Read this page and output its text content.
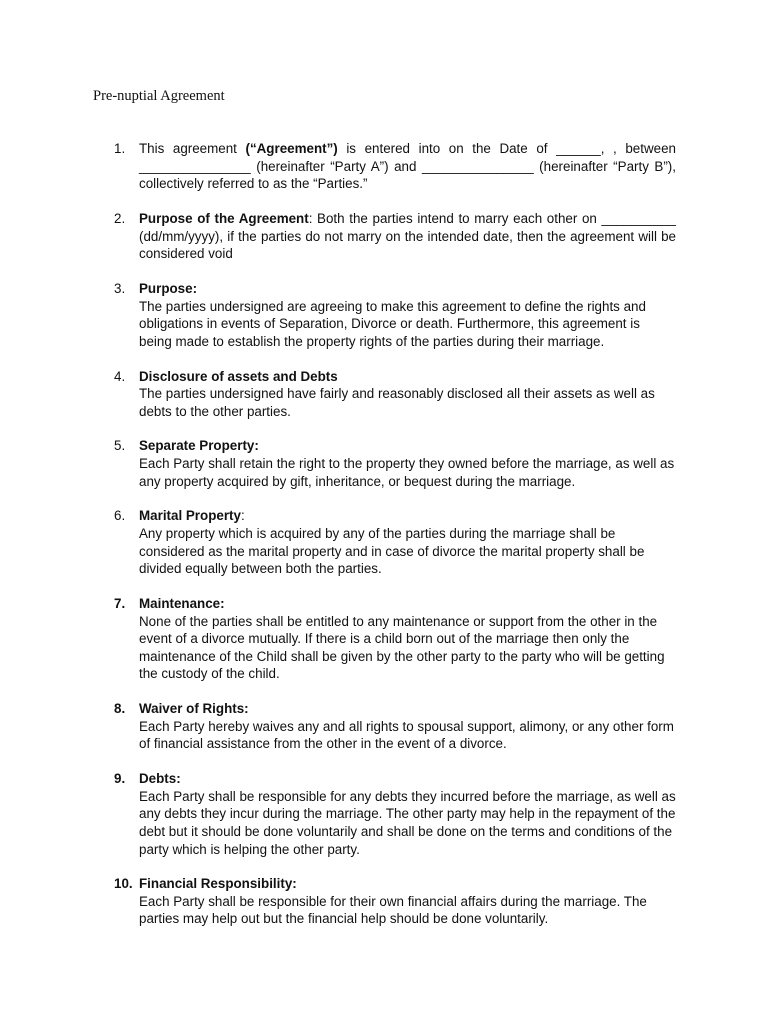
Pre-nuptial Agreement
1. This agreement (“Agreement”) is entered into on the Date of ______, , between _______________ (hereinafter “Party A”) and _______________ (hereinafter “Party B”), collectively referred to as the “Parties.”
2. Purpose of the Agreement: Both the parties intend to marry each other on __________ (dd/mm/yyyy), if the parties do not marry on the intended date, then the agreement will be considered void
3. Purpose:
The parties undersigned are agreeing to make this agreement to define the rights and obligations in events of Separation, Divorce or death. Furthermore, this agreement is being made to establish the property rights of the parties during their marriage.
4. Disclosure of assets and Debts
The parties undersigned have fairly and reasonably disclosed all their assets as well as debts to the other parties.
5. Separate Property:
Each Party shall retain the right to the property they owned before the marriage, as well as any property acquired by gift, inheritance, or bequest during the marriage.
6. Marital Property:
Any property which is acquired by any of the parties during the marriage shall be considered as the marital property and in case of divorce the marital property shall be divided equally between both the parties.
7. Maintenance:
None of the parties shall be entitled to any maintenance or support from the other in the event of a divorce mutually. If there is a child born out of the marriage then only the maintenance of the Child shall be given by the other party to the party who will be getting the custody of the child.
8. Waiver of Rights:
Each Party hereby waives any and all rights to spousal support, alimony, or any other form of financial assistance from the other in the event of a divorce.
9. Debts:
Each Party shall be responsible for any debts they incurred before the marriage, as well as any debts they incur during the marriage. The other party may help in the repayment of the debt but it should be done voluntarily and shall be done on the terms and conditions of the party which is helping the other party.
10. Financial Responsibility:
Each Party shall be responsible for their own financial affairs during the marriage. The parties may help out but the financial help should be done voluntarily.
